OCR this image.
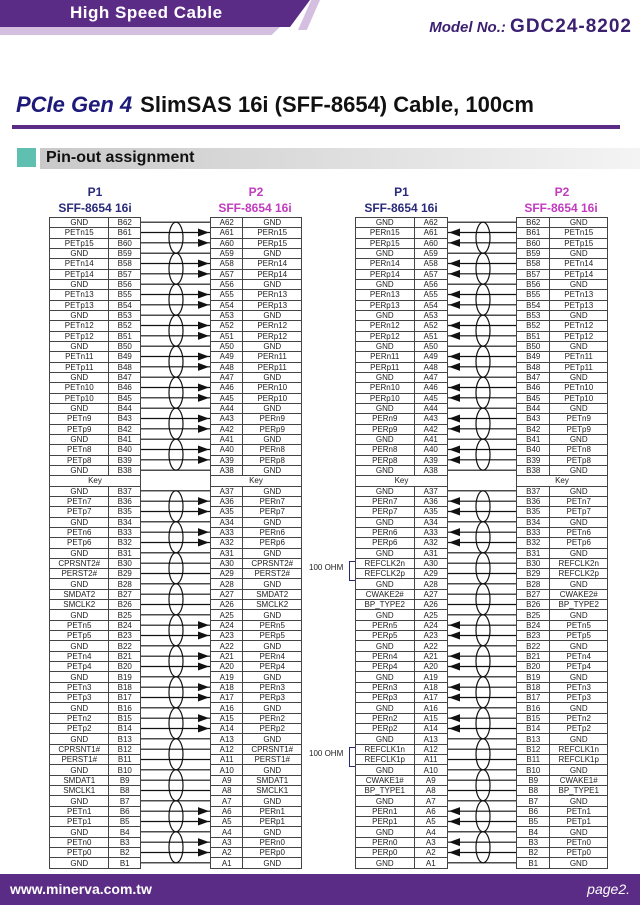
High Speed Cable
Model No.: GDC24-8202
PCIe Gen 4 SlimSAS 16i (SFF-8654) Cable, 100cm
Pin-out assignment
P1
SFF-8654 16i
P2
SFF-8654 16i
P1
SFF-8654 16i
P2
SFF-8654 16i
GND	B62
PETn15	B61
PETp15	B60
GND	B59
PETn14	B58
PETp14	B57
GND	B56
PETn13	B55
PETp13	B54
GND	B53
PETn12	B52
PETp12	B51
GND	B50
PETn11	B49
PETp11	B48
GND	B47
PETn10	B46
PETp10	B45
GND	B44
PETn9	B43
PETp9	B42
GND	B41
PETn8	B40
PETp8	B39
GND	B38
Key	
GND	B37
PETn7	B36
PETp7	B35
GND	B34
PETn6	B33
PETp6	B32
GND	B31
CPRSNT2#	B30
PERST2#	B29
GND	B28
SMDAT2	B27
SMCLK2	B26
GND	B25
PETn5	B24
PETp5	B23
GND	B22
PETn4	B21
PETp4	B20
GND	B19
PETn3	B18
PETp3	B17
GND	B16
PETn2	B15
PETp2	B14
GND	B13
CPRSNT1#	B12
PERST1#	B11
GND	B10
SMDAT1	B9
SMCLK1	B8
GND	B7
PETn1	B6
PETp1	B5
GND	B4
PETn0	B3
PETp0	B2
GND	B1
A62	GND
A61	PERn15
A60	PERp15
A59	GND
A58	PERn14
A57	PERp14
A56	GND
A55	PERn13
A54	PERp13
A53	GND
A52	PERn12
A51	PERp12
A50	GND
A49	PERn11
A48	PERp11
A47	GND
A46	PERn10
A45	PERp10
A44	GND
A43	PERn9
A42	PERp9
A41	GND
A40	PERn8
A39	PERp8
A38	GND
Key	
A37	GND
A36	PERn7
A35	PERp7
A34	GND
A33	PERn6
A32	PERp6
A31	GND
A30	CPRSNT2#
A29	PERST2#
A28	GND
A27	SMDAT2
A26	SMCLK2
A25	GND
A24	PERn5
A23	PERp5
A22	GND
A21	PERn4
A20	PERp4
A19	GND
A18	PERn3
A17	PERp3
A16	GND
A15	PERn2
A14	PERp2
A13	GND
A12	CPRSNT1#
A11	PERST1#
A10	GND
A9	SMDAT1
A8	SMCLK1
A7	GND
A6	PERn1
A5	PERp1
A4	GND
A3	PERn0
A2	PERp0
A1	GND
GND	A62
PERn15	A61
PERp15	A60
GND	A59
PERn14	A58
PERp14	A57
GND	A56
PERn13	A55
PERp13	A54
GND	A53
PERn12	A52
PERp12	A51
GND	A50
PERn11	A49
PERp11	A48
GND	A47
PERn10	A46
PERp10	A45
GND	A44
PERn9	A43
PERp9	A42
GND	A41
PERn8	A40
PERp8	A39
GND	A38
Key	
GND	A37
PERn7	A36
PERp7	A35
GND	A34
PERn6	A33
PERp6	A32
GND	A31
REFCLK2n	A30
REFCLK2p	A29
GND	A28
CWAKE2#	A27
BP_TYPE2	A26
GND	A25
PERn5	A24
PERp5	A23
GND	A22
PERn4	A21
PERp4	A20
GND	A19
PERn3	A18
PERp3	A17
GND	A16
PERn2	A15
PERp2	A14
GND	A13
REFCLK1n	A12
REFCLK1p	A11
GND	A10
CWAKE1#	A9
BP_TYPE1	A8
GND	A7
PERn1	A6
PERp1	A5
GND	A4
PERn0	A3
PERp0	A2
GND	A1
B62	GND
B61	PETn15
B60	PETp15
B59	GND
B58	PETn14
B57	PETp14
B56	GND
B55	PETn13
B54	PETp13
B53	GND
B52	PETn12
B51	PETp12
B50	GND
B49	PETn11
B48	PETp11
B47	GND
B46	PETn10
B45	PETp10
B44	GND
B43	PETn9
B42	PETp9
B41	GND
B40	PETn8
B39	PETp8
B38	GND
Key	
B37	GND
B36	PETn7
B35	PETp7
B34	GND
B33	PETn6
B32	PETp6
B31	GND
B30	REFCLK2n
B29	REFCLK2p
B28	GND
B27	CWAKE2#
B26	BP_TYPE2
B25	GND
B24	PETn5
B23	PETp5
B22	GND
B21	PETn4
B20	PETp4
B19	GND
B18	PETn3
B17	PETp3
B16	GND
B15	PETn2
B14	PETp2
B13	GND
B12	REFCLK1n
B11	REFCLK1p
B10	GND
B9	CWAKE1#
B8	BP_TYPE1
B7	GND
B6	PETn1
B5	PETp1
B4	GND
B3	PETn0
B2	PETp0
B1	GND
100 OHM
100 OHM
www.minerva.com.tw	page2.
